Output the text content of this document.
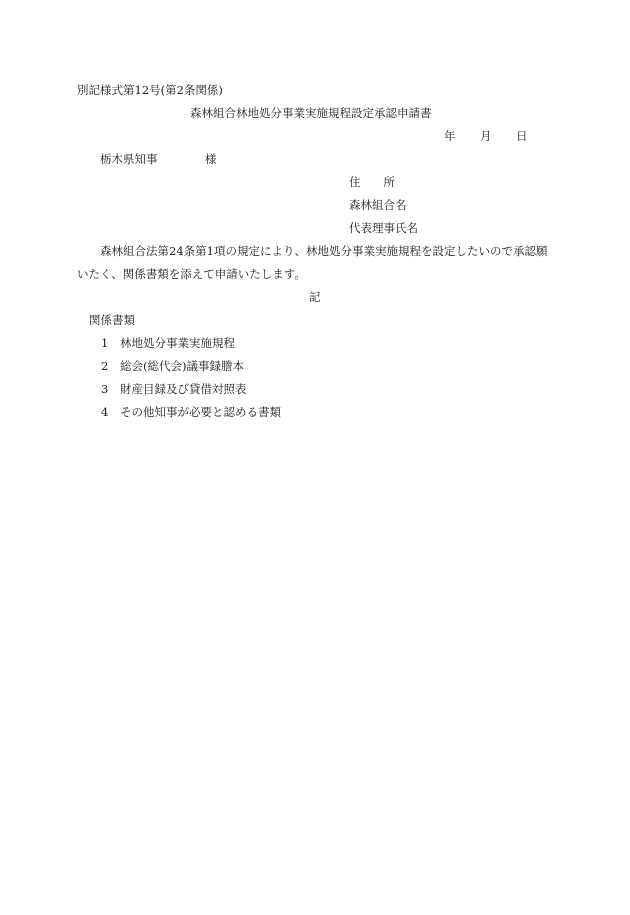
別記様式第12号(第2条関係)
森林組合林地処分事業実施規程設定承認申請書
年 月 日
栃木県知事	様
住　　所
森林組合名
代表理事氏名
森林組合法第24条第1項の規定により、林地処分事業実施規程を設定したいので承認願
いたく、関係書類を添えて申請いたします。
記
関係書類
1 林地処分事業実施規程
2 総会(総代会)議事録謄本
3 財産目録及び貸借対照表
4 その他知事が必要と認める書類
